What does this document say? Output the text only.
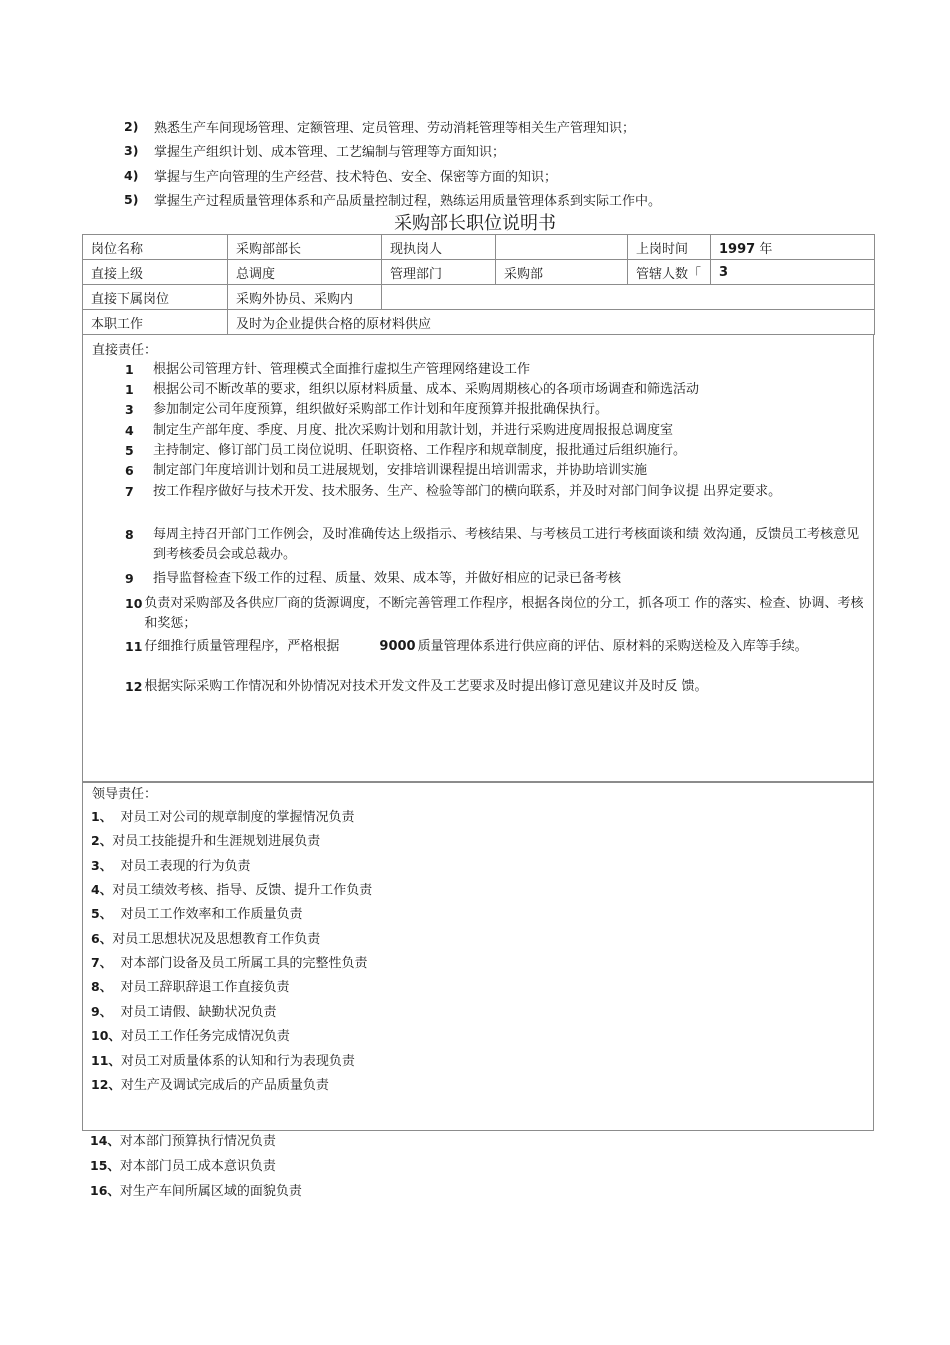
2)	熟悉生产车间现场管理、定额管理、定员管理、劳动消耗管理等相关生产管理知识；
3)	掌握生产组织计划、成本管理、工艺编制与管理等方面知识；
4)	掌握与生产向管理的生产经营、技术特色、安全、保密等方面的知识；
5)	掌握生产过程质量管理体系和产品质量控制过程，熟练运用质量管理体系到实际工作中。
采购部长职位说明书
岗位名称	采购部部长	现执岗人		上岗时间	1997 年
直接上级	总调度	管理部门	采购部	管辖人数「	3
直接下属岗位	采购外协员、采购内				
本职工作	及时为企业提供合格的原材料供应				
直接责任：
1	根据公司管理方针、管理模式全面推行虚拟生产管理网络建设工作
1	根据公司不断改革的要求，组织以原材料质量、成本、采购周期核心的各项市场调查和筛选活动
3	参加制定公司年度预算，组织做好采购部工作计划和年度预算并报批确保执行。
4	制定生产部年度、季度、月度、批次采购计划和用款计划，并进行采购进度周报报总调度室
5	主持制定、修订部门员工岗位说明、任职资格、工作程序和规章制度，报批通过后组织施行。
6	制定部门年度培训计划和员工进展规划，安排培训课程提出培训需求，并协助培训实施
7	按工作程序做好与技术开发、技术服务、生产、检验等部门的横向联系，并及时对部门间争议提 出界定要求。
8	每周主持召开部门工作例会，及时准确传达上级指示、考核结果、与考核员工进行考核面谈和绩 效沟通，反馈员工考核意见到考核委员会或总裁办。
9	指导监督检查下级工作的过程、质量、效果、成本等，并做好相应的记录已备考核
10 负责对采购部及各供应厂商的货源调度，不断完善管理工作程序，根据各岗位的分工，抓各项工 作的落实、检查、协调、考核和奖惩；
11 仔细推行质量管理程序，严格根据	9000 质量管理体系进行供应商的评估、原材料的采购送检及入库等手续。
12 根据实际采购工作情况和外协情况对技术开发文件及工艺要求及时提出修订意见建议并及时反 馈。
领导责任：
1、  对员工对公司的规章制度的掌握情况负责
2、对员工技能提升和生涯规划进展负责
3、  对员工表现的行为负责
4、对员工绩效考核、指导、反馈、提升工作负责
5、  对员工工作效率和工作质量负责
6、对员工思想状况及思想教育工作负责
7、  对本部门设备及员工所属工具的完整性负责
8、  对员工辞职辞退工作直接负责
9、  对员工请假、缺勤状况负责
10、对员工工作任务完成情况负责
11、对员工对质量体系的认知和行为表现负责
12、对生产及调试完成后的产品质量负责
14、对本部门预算执行情况负责
15、对本部门员工成本意识负责
16、对生产车间所属区域的面貌负责
